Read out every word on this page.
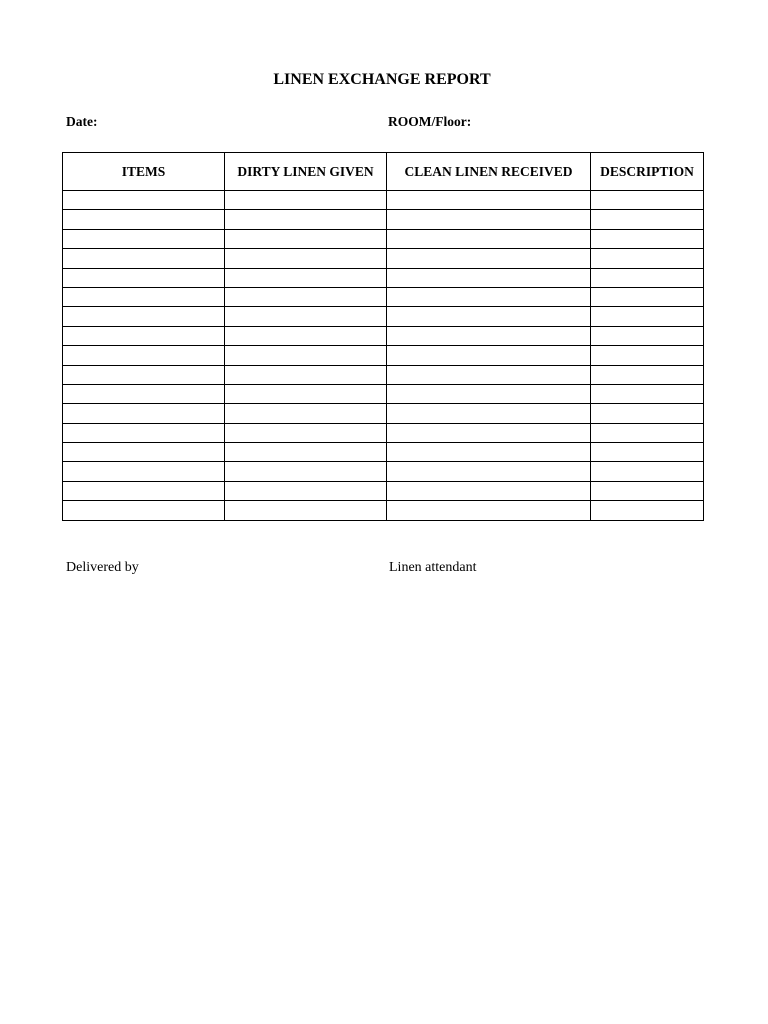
LINEN EXCHANGE REPORT
Date:	ROOM/Floor:
ITEMS	DIRTY LINEN GIVEN	CLEAN LINEN RECEIVED	DESCRIPTION

Delivered by	Linen attendant
